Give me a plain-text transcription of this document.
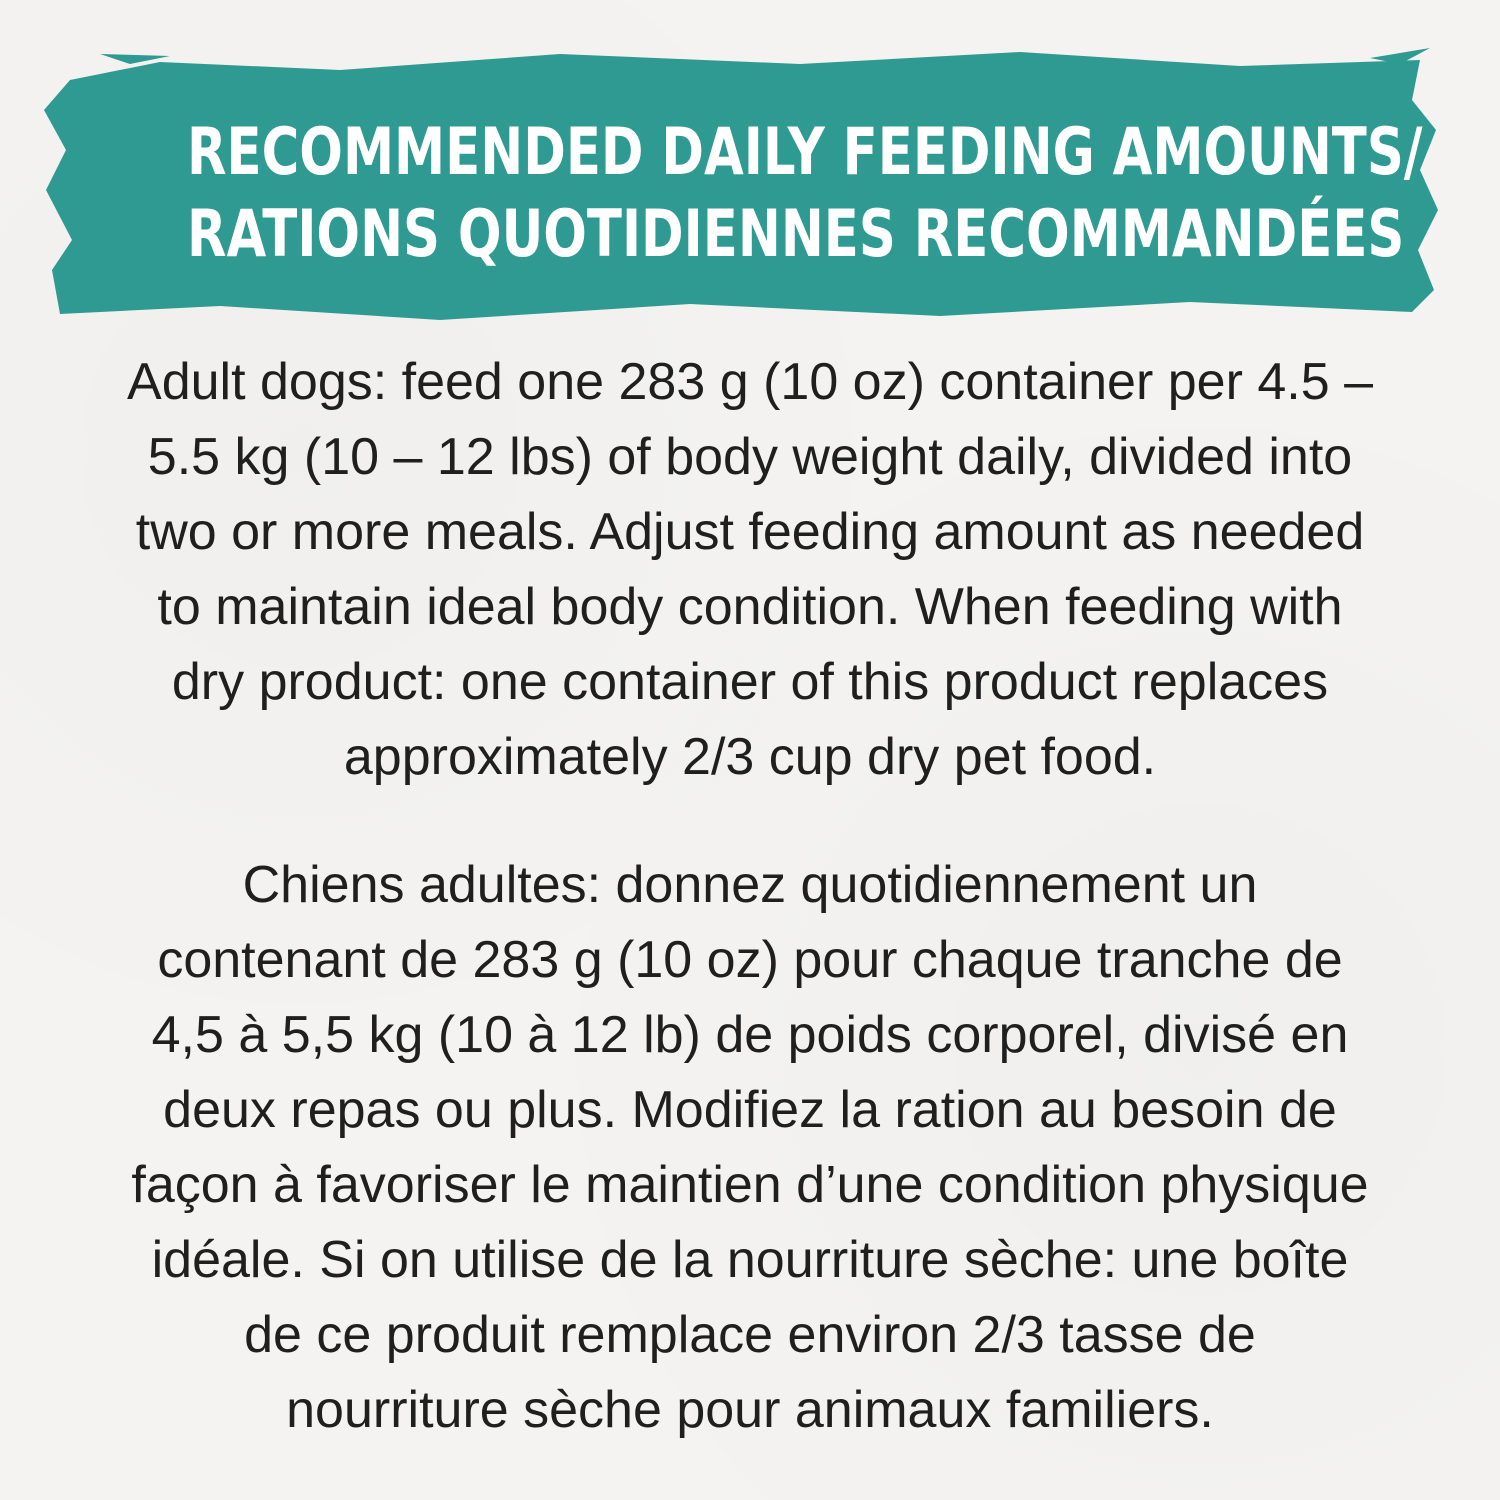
RECOMMENDED DAILY FEEDING AMOUNTS/
RATIONS QUOTIDIENNES RECOMMANDÉES
Adult dogs: feed one 283 g (10 oz) container per 4.5 –
5.5 kg (10 – 12 lbs) of body weight daily, divided into
two or more meals. Adjust feeding amount as needed
to maintain ideal body condition. When feeding with
dry product: one container of this product replaces
approximately 2/3 cup dry pet food.
Chiens adultes: donnez quotidiennement un
contenant de 283 g (10 oz) pour chaque tranche de
4,5 à 5,5 kg (10 à 12 lb) de poids corporel, divisé en
deux repas ou plus. Modifiez la ration au besoin de
façon à favoriser le maintien d’une condition physique
idéale. Si on utilise de la nourriture sèche: une boîte
de ce produit remplace environ 2/3 tasse de
nourriture sèche pour animaux familiers.
